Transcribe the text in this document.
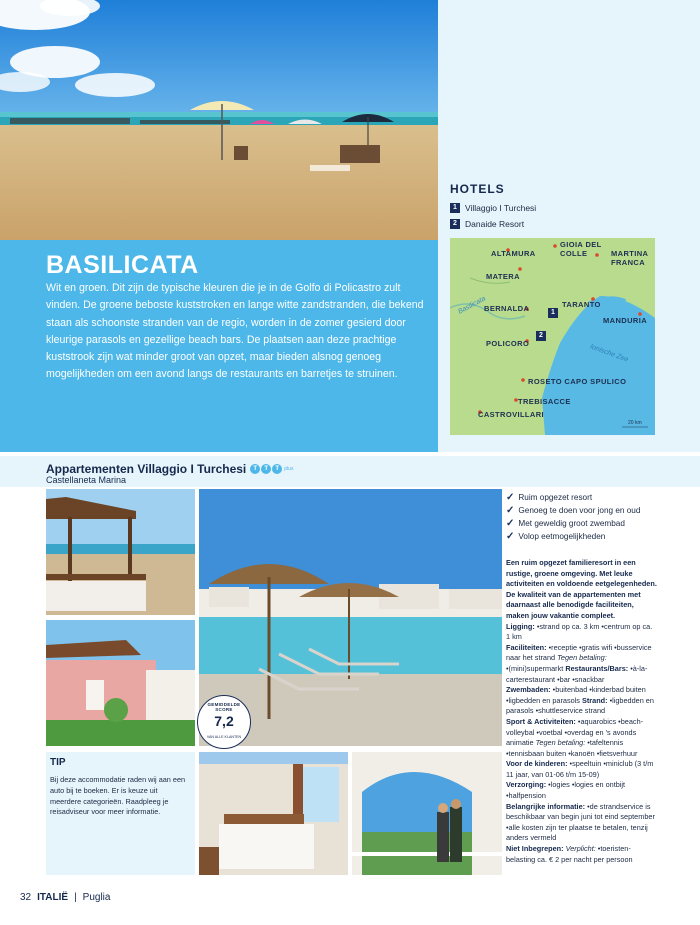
HOTELS
1 Villaggio I Turchesi
2 Danaide Resort
ALTAMURA
GIOIA DEL COLLE	MARTINA FRANCA
MATERA
TARANTO
BERNALDA
MANDURIA
POLICORO
ROSETO CAPO SPULICO
TREBISACCE
CASTROVILLARI
Basilicata
Ionische Zee
20 km
1
2
BASILICATA
Wit en groen. Dit zijn de typische kleuren die je in de Golfo di Policastro zult vinden. De groene beboste kuststroken en lange witte zandstranden, die bekend staan als schoonste stranden van de regio, worden in de zomer gesierd door kleurige parasols en gezellige beach bars. De plaatsen aan deze prachtige kuststrook zijn wat minder groot van opzet, maar bieden alsnog genoeg mogelijkheden om een avond langs de restaurants en barretjes te struinen.
Appartementen Villaggio I Turchesi	T	T	T	plus
Castellaneta Marina
GEMIDDELDE SCORE
7,2
VAN ALLE KLANTEN
TIP
Bij deze accommodatie raden wij aan een auto bij te boeken. Er is keuze uit meerdere categorieën. Raadpleeg je reisadviseur voor meer informatie.
✓ Ruim opgezet resort
✓ Genoeg te doen voor jong en oud
✓ Met geweldig groot zwembad
✓ Volop eetmogelijkheden
Een ruim opgezet familieresort in een rustige, groene omgeving. Met leuke activiteiten en voldoende eetgelegenheden. De kwaliteit van de appartementen met daarnaast alle benodigde faciliteiten, maken jouw vakantie compleet.
Ligging: •strand op ca. 3 km •centrum op ca. 1 km
Faciliteiten: •receptie •gratis wifi •busservice naar het strand Tegen betaling: •(mini)supermarkt Restaurants/Bars: •à-la-carterestaurant •bar •snackbar
Zwembaden: •buitenbad •kinderbad buiten •ligbedden en parasols Strand: •ligbedden en parasols •shuttleservice strand
Sport & Activiteiten: •aquarobics •beach-volleybal •voetbal •overdag en 's avonds animatie Tegen betaling: •tafeltennis •tennisbaan buiten •kanoën •fietsverhuur
Voor de kinderen: •speeltuin •miniclub (3 t/m 11 jaar, van 01-06 t/m 15-09)
Verzorging: •logies •logies en ontbijt •halfpension
Belangrijke informatie: •de strandservice is beschikbaar van begin juni tot eind september •alle kosten zijn ter plaatse te betalen, tenzij anders vermeld
Niet Inbegrepen: Verplicht: •toeristen-belasting ca. € 2 per nacht per persoon
32 ITALIË | Puglia
